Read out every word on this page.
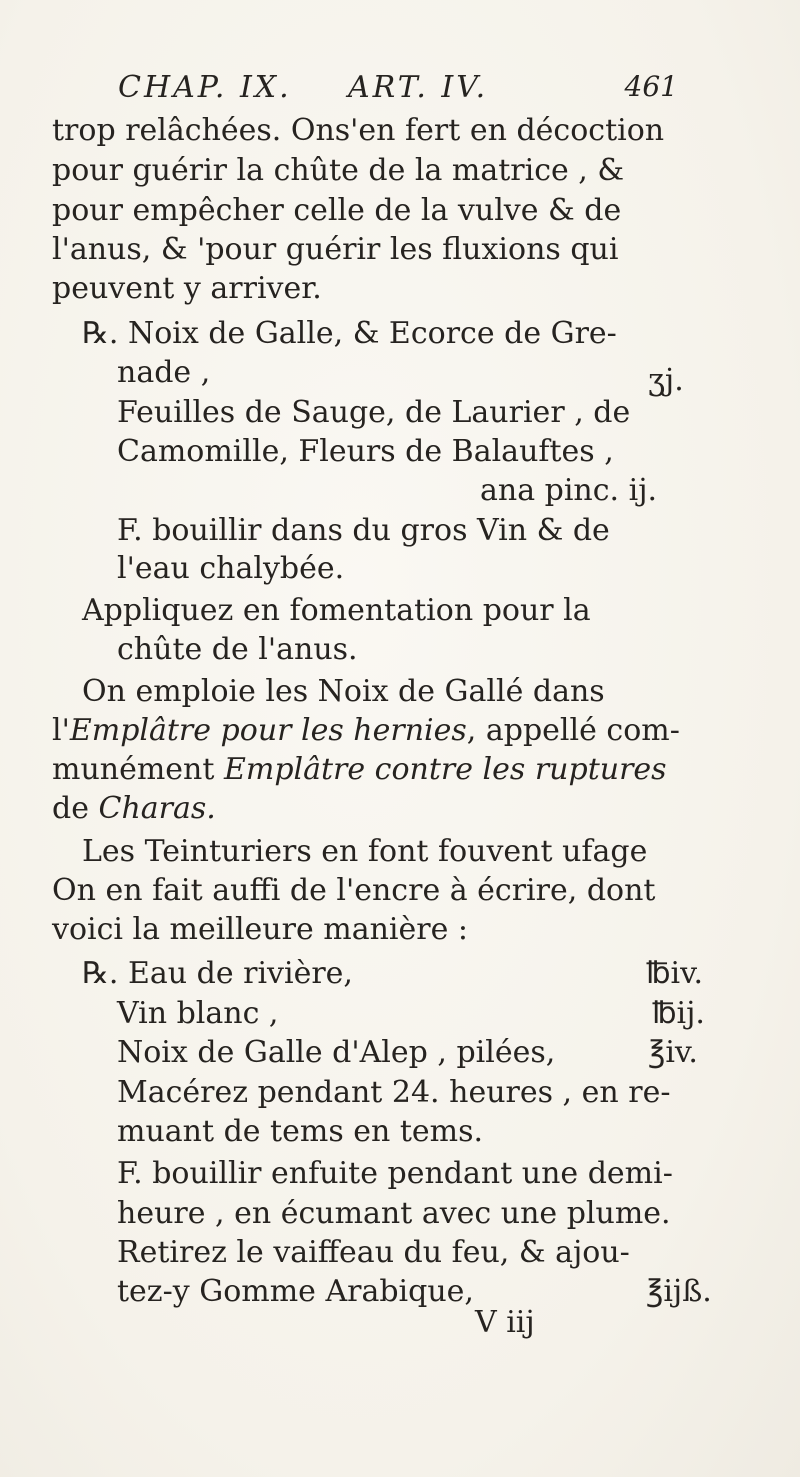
CHAP. IX. ART. IV.	461
trop relâchées. Ons'en fert en décoction
pour guérir la chûte de la matrice , &
pour empêcher celle de la vulve & de
l'anus, & 'pour guérir les fluxions qui
peuvent y arriver.
℞. Noix de Galle, & Ecorce de Gre-
nade ,	ʒj.
Feuilles de Sauge, de Laurier , de
Camomille, Fleurs de Balauftes ,
ana pinc. ij.
F. bouillir dans du gros Vin & de
l'eau chalybée.
Appliquez en fomentation pour la
chûte de l'anus.
On emploie les Noix de Gallé dans
l'Emplâtre pour les hernies, appellé com-
munément Emplâtre contre les ruptures
de Charas.
Les Teinturiers en font fouvent ufage
On en fait auffi de l'encre à écrire, dont
voici la meilleure manière :
℞. Eau de rivière,	℔iv.
Vin blanc ,	℔ij.
Noix de Galle d'Alep , pilées,	℥iv.
Macérez pendant 24. heures , en re-
muant de tems en tems.
F. bouillir enfuite pendant une demi-
heure , en écumant avec une plume.
Retirez le vaiffeau du feu, & ajou-
tez-y Gomme Arabique,	℥ijß.
V iij
